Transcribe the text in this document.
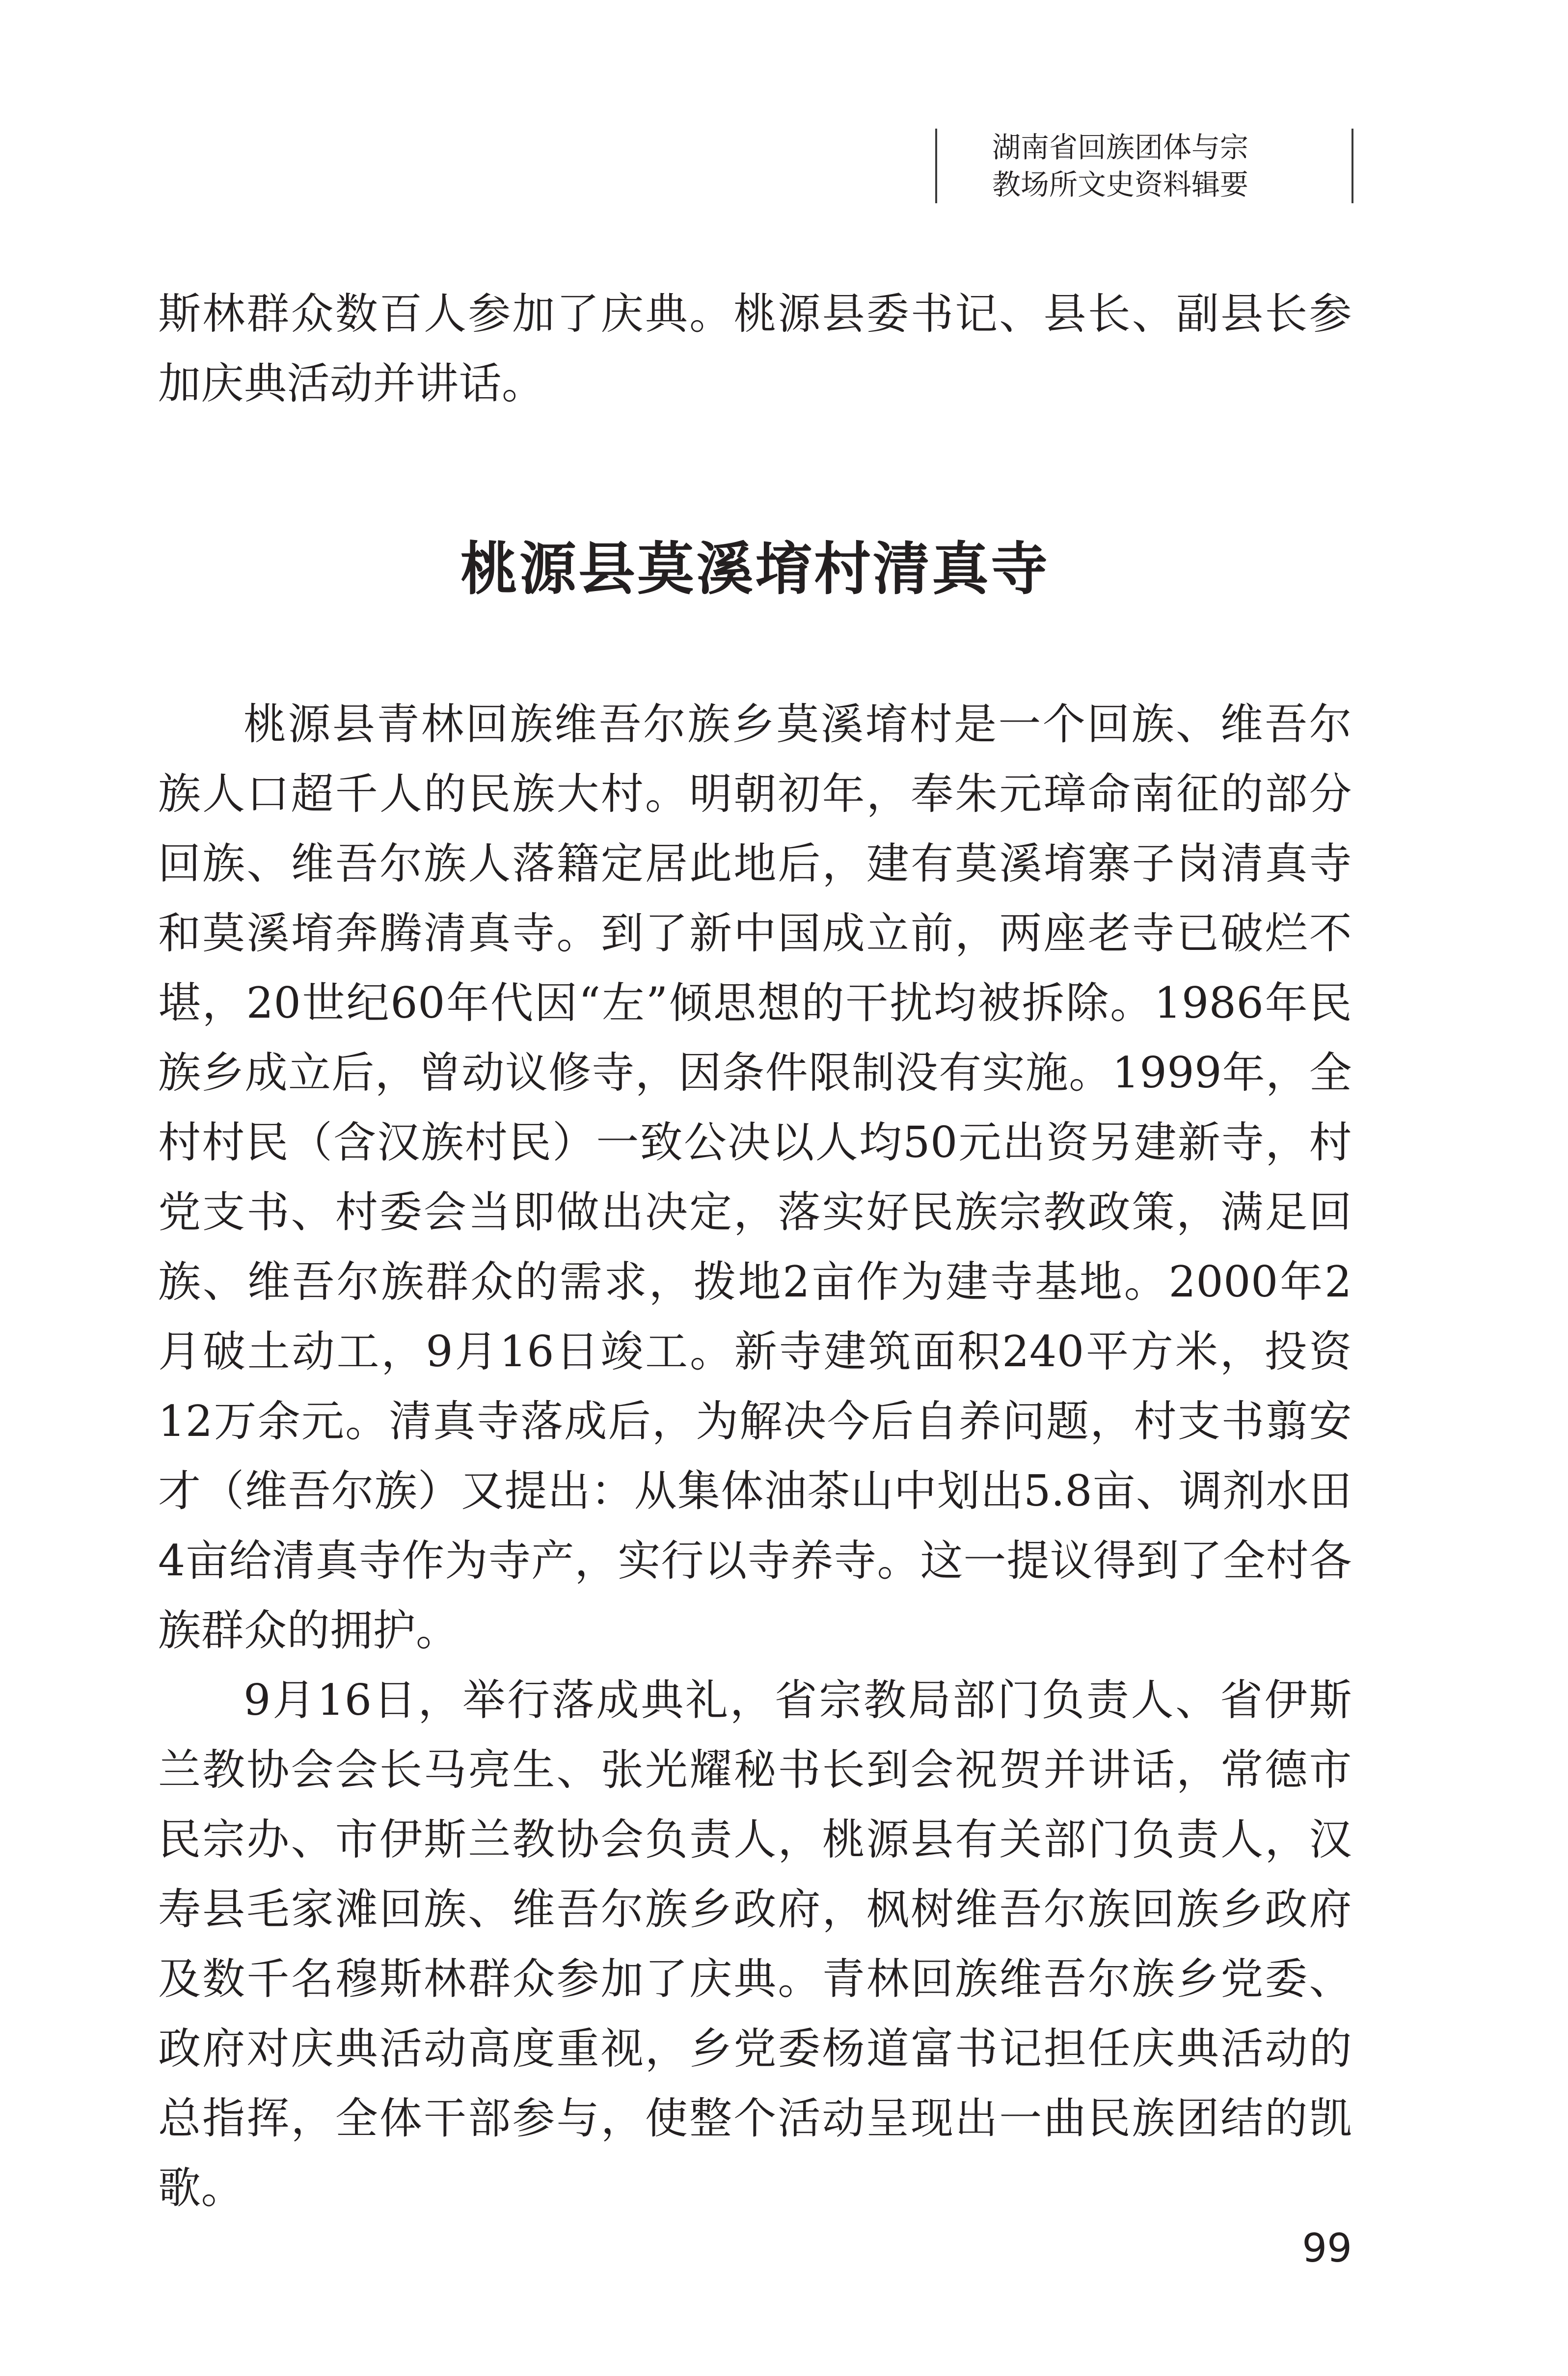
湖南省回族团体与宗
教场所文史资料辑要

斯林群众数百人参加了庆典。桃源县委书记、县长、副县长参加庆典活动并讲话。

桃源县莫溪堉村清真寺

桃源县青林回族维吾尔族乡莫溪堉村是一个回族、维吾尔族人口超千人的民族大村。明朝初年，奉朱元璋命南征的部分回族、维吾尔族人落籍定居此地后，建有莫溪堉寨子岗清真寺和莫溪堉奔腾清真寺。到了新中国成立前，两座老寺已破烂不堪，20世纪60年代因“左”倾思想的干扰均被拆除。1986年民族乡成立后，曾动议修寺，因条件限制没有实施。1999年，全村村民（含汉族村民）一致公决以人均50元出资另建新寺，村党支书、村委会当即做出决定，落实好民族宗教政策，满足回族、维吾尔族群众的需求，拨地2亩作为建寺基地。2000年2月破土动工，9月16日竣工。新寺建筑面积240平方米，投资12万余元。清真寺落成后，为解决今后自养问题，村支书翦安才（维吾尔族）又提出：从集体油茶山中划出5.8亩、调剂水田4亩给清真寺作为寺产，实行以寺养寺。这一提议得到了全村各族群众的拥护。

9月16日，举行落成典礼，省宗教局部门负责人、省伊斯兰教协会会长马亮生、张光耀秘书长到会祝贺并讲话，常德市民宗办、市伊斯兰教协会负责人，桃源县有关部门负责人，汉寿县毛家滩回族、维吾尔族乡政府，枫树维吾尔族回族乡政府及数千名穆斯林群众参加了庆典。青林回族维吾尔族乡党委、政府对庆典活动高度重视，乡党委杨道富书记担任庆典活动的总指挥，全体干部参与，使整个活动呈现出一曲民族团结的凯歌。

99
